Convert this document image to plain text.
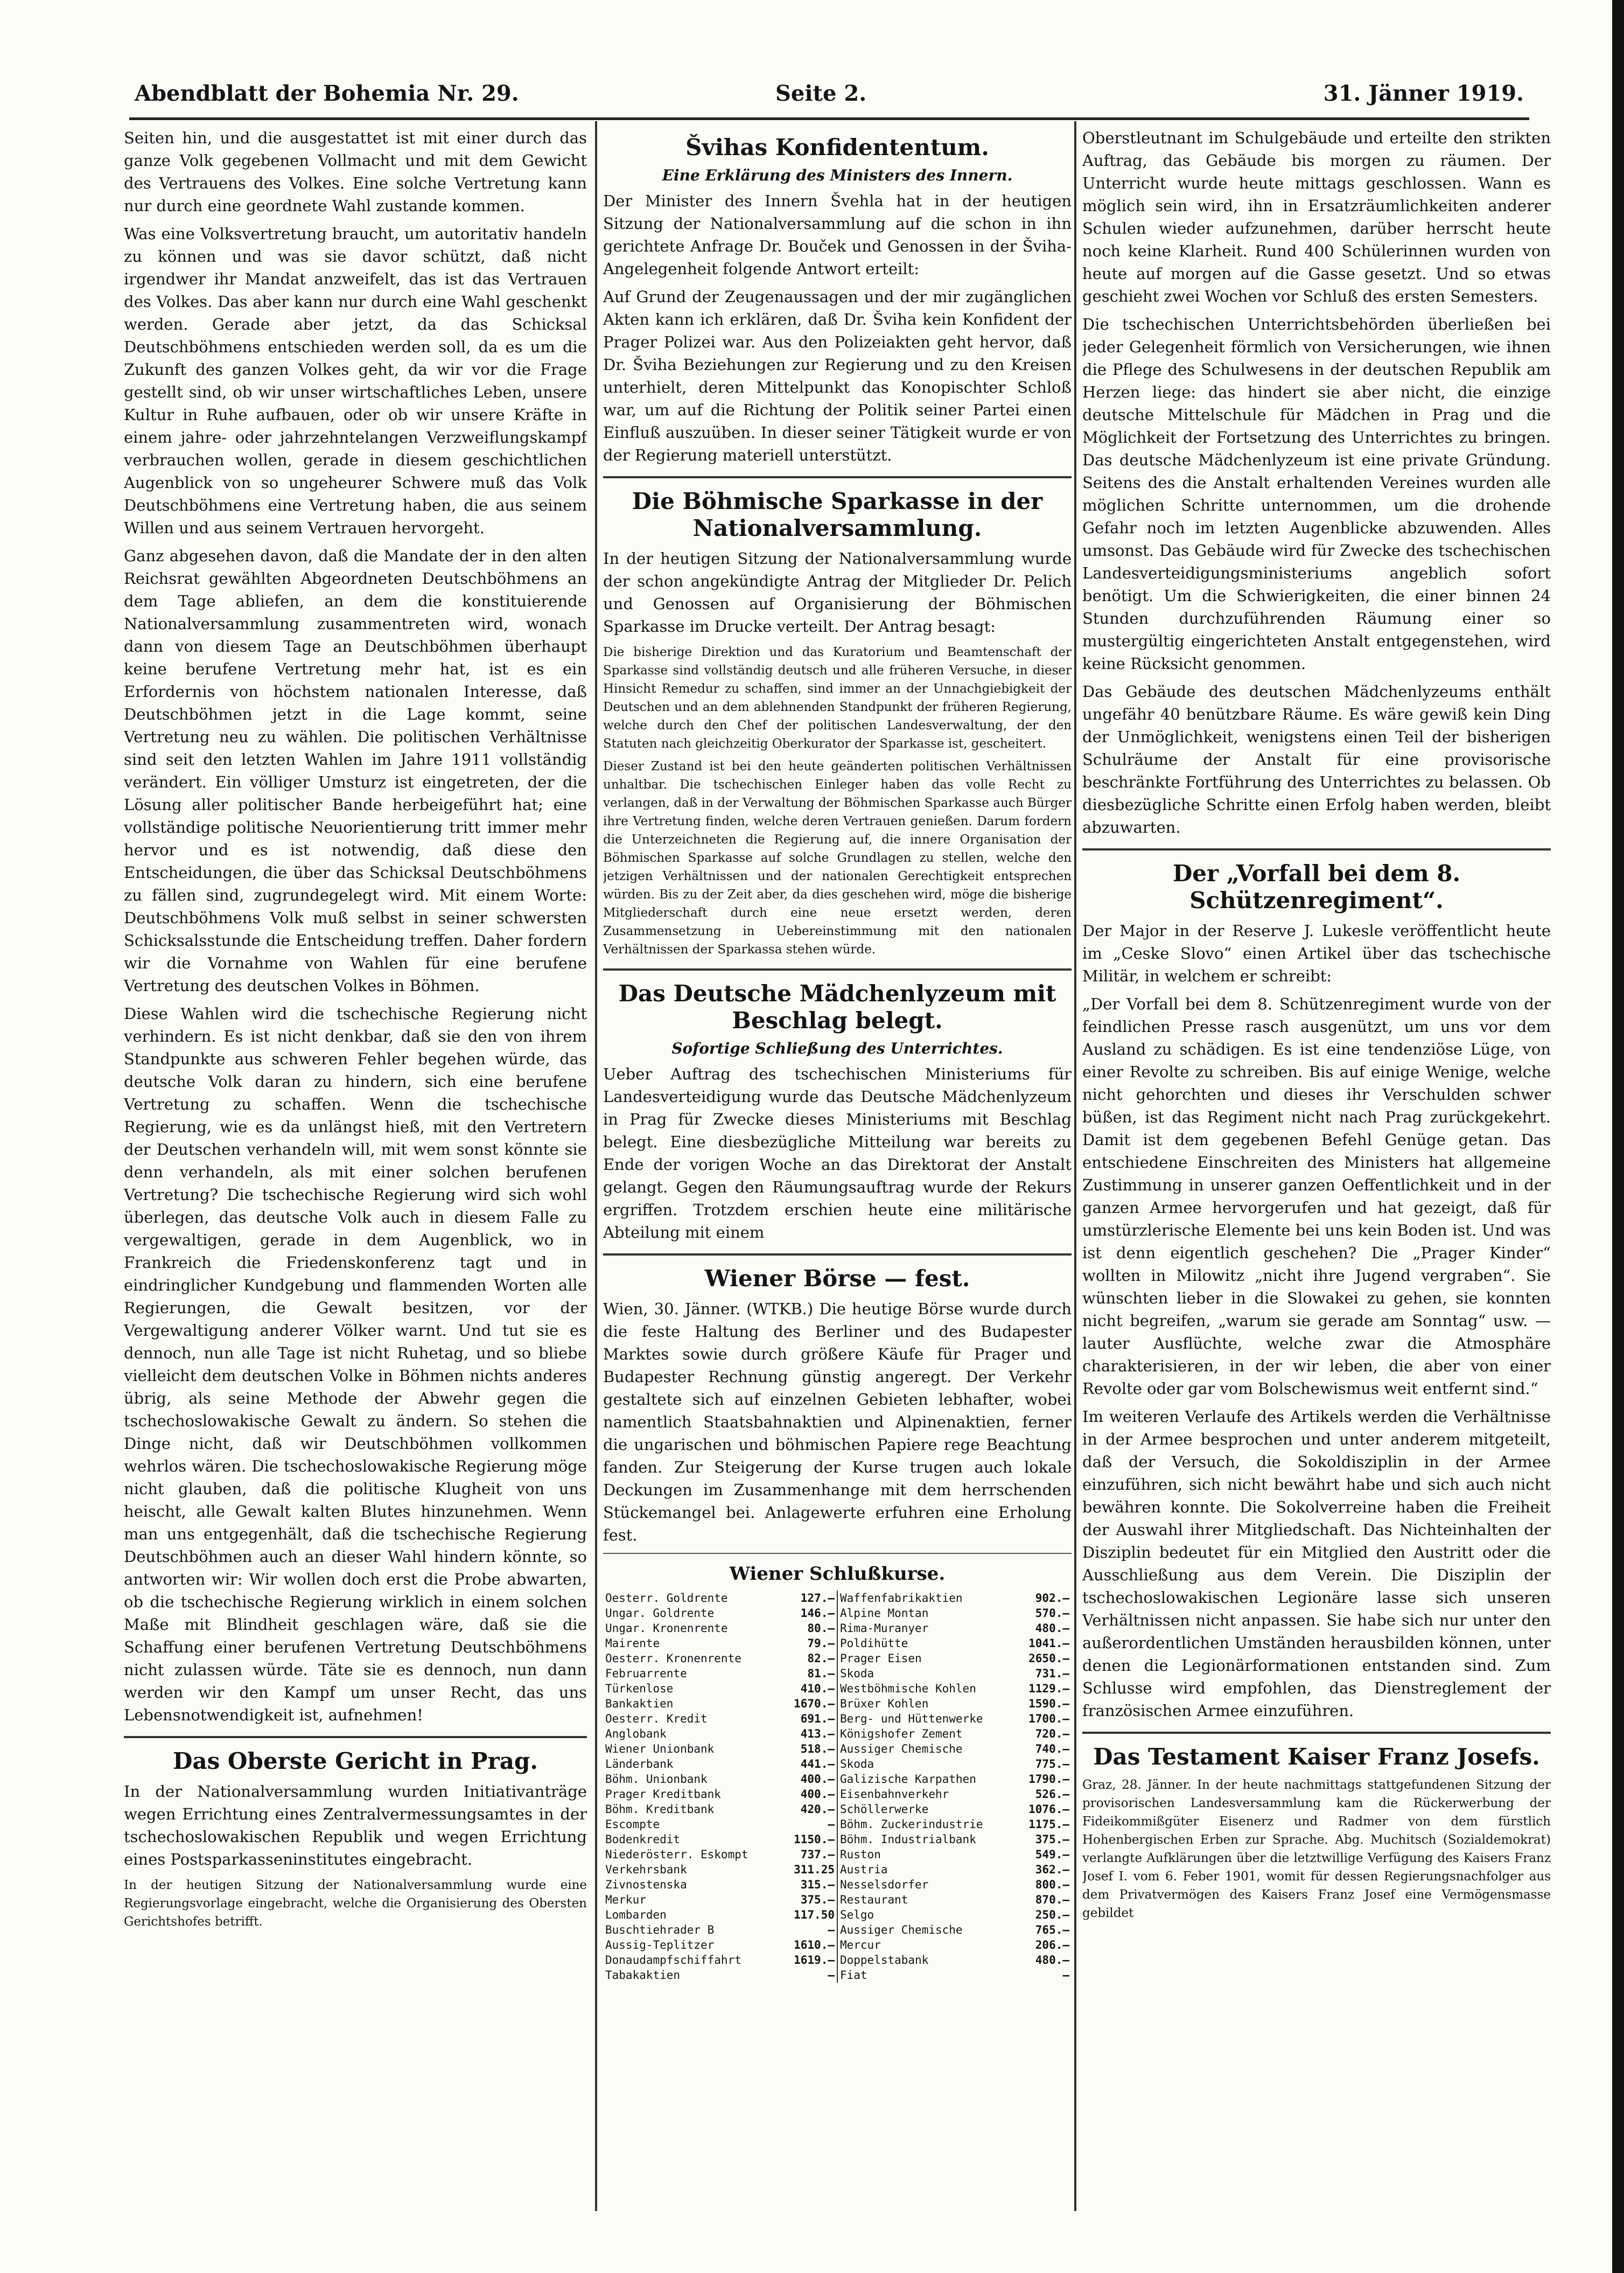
Abendblatt der Bohemia Nr. 29.	Seite 2.	31. Jänner 1919.

Seiten hin, und die ausgestattet ist mit einer durch das ganze Volk gegebenen Vollmacht und mit dem Gewicht des Vertrauens des Volkes. Eine solche Vertretung kann nur durch eine geordnete Wahl zustande kommen.

Was eine Volksvertretung braucht, um autoritativ handeln zu können und was sie davor schützt, daß nicht irgendwer ihr Mandat anzweifelt, das ist das Vertrauen des Volkes. Das aber kann nur durch eine Wahl geschenkt werden. Gerade aber jetzt, da das Schicksal Deutschböhmens entschieden werden soll, da es um die Zukunft des ganzen Volkes geht, da wir vor die Frage gestellt sind, ob wir unser wirtschaftliches Leben, unsere Kultur in Ruhe aufbauen, oder ob wir unsere Kräfte in einem jahre- oder jahrzehntelangen Verzweiflungskampf verbrauchen wollen, gerade in diesem geschichtlichen Augenblick von so ungeheurer Schwere muß das Volk Deutschböhmens eine Vertretung haben, die aus seinem Willen und aus seinem Vertrauen hervorgeht.

Ganz abgesehen davon, daß die Mandate der in den alten Reichsrat gewählten Abgeordneten Deutschböhmens an dem Tage abliefen, an dem die konstituierende Nationalversammlung zusammentreten wird, wonach dann von diesem Tage an Deutschböhmen überhaupt keine berufene Vertretung mehr hat, ist es ein Erfordernis von höchstem nationalen Interesse, daß Deutschböhmen jetzt in die Lage kommt, seine Vertretung neu zu wählen. Die politischen Verhältnisse sind seit den letzten Wahlen im Jahre 1911 vollständig verändert. Ein völliger Umsturz ist eingetreten, der die Lösung aller politischer Bande herbeigeführt hat; eine vollständige politische Neuorientierung tritt immer mehr hervor und es ist notwendig, daß diese den Entscheidungen, die über das Schicksal Deutschböhmens zu fällen sind, zugrundegelegt wird. Mit einem Worte: Deutschböhmens Volk muß selbst in seiner schwersten Schicksalsstunde die Entscheidung treffen. Daher fordern wir die Vornahme von Wahlen für eine berufene Vertretung des deutschen Volkes in Böhmen.

Diese Wahlen wird die tschechische Regierung nicht verhindern. Es ist nicht denkbar, daß sie den von ihrem Standpunkte aus schweren Fehler begehen würde, das deutsche Volk daran zu hindern, sich eine berufene Vertretung zu schaffen. Wenn die tschechische Regierung, wie es da unlängst hieß, mit den Vertretern der Deutschen verhandeln will, mit wem sonst könnte sie denn verhandeln, als mit einer solchen berufenen Vertretung? Die tschechische Regierung wird sich wohl überlegen, das deutsche Volk auch in diesem Falle zu vergewaltigen, gerade in dem Augenblick, wo in Frankreich die Friedenskonferenz tagt und in eindringlicher Kundgebung und flammenden Worten alle Regierungen, die Gewalt besitzen, vor der Vergewaltigung anderer Völker warnt. Und tut sie es dennoch, nun alle Tage ist nicht Ruhetag, und so bliebe vielleicht dem deutschen Volke in Böhmen nichts anderes übrig, als seine Methode der Abwehr gegen die tschechoslowakische Gewalt zu ändern. So stehen die Dinge nicht, daß wir Deutschböhmen vollkommen wehrlos wären. Die tschechoslowakische Regierung möge nicht glauben, daß die politische Klugheit von uns heischt, alle Gewalt kalten Blutes hinzunehmen. Wenn man uns entgegenhält, daß die tschechische Regierung Deutschböhmen auch an dieser Wahl hindern könnte, so antworten wir: Wir wollen doch erst die Probe abwarten, ob die tschechische Regierung wirklich in einem solchen Maße mit Blindheit geschlagen wäre, daß sie die Schaffung einer berufenen Vertretung Deutschböhmens nicht zulassen würde. Täte sie es dennoch, nun dann werden wir den Kampf um unser Recht, das uns Lebensnotwendigkeit ist, aufnehmen!

Das Oberste Gericht in Prag.

In der Nationalversammlung wurden Initiativanträge wegen Errichtung eines Zentralvermessungsamtes in der tschechoslowakischen Republik und wegen Errichtung eines Postsparkasseninstitutes eingebracht.

In der heutigen Sitzung der Nationalversammlung wurde eine Regierungsvorlage eingebracht, welche die Organisierung des Obersten Gerichtshofes betrifft.

Švihas Konfidententum.

Eine Erklärung des Ministers des Innern.

Der Minister des Innern Švehla hat in der heutigen Sitzung der Nationalversammlung auf die schon in ihn gerichtete Anfrage Dr. Bouček und Genossen in der Šviha-Angelegenheit folgende Antwort erteilt:

Auf Grund der Zeugenaussagen und der mir zugänglichen Akten kann ich erklären, daß Dr. Šviha kein Konfident der Prager Polizei war. Aus den Polizeiakten geht hervor, daß Dr. Šviha Beziehungen zur Regierung und zu den Kreisen unterhielt, deren Mittelpunkt das Konopischter Schloß war, um auf die Richtung der Politik seiner Partei einen Einfluß auszuüben. In dieser seiner Tätigkeit wurde er von der Regierung materiell unterstützt.

Die Böhmische Sparkasse in der Nationalversammlung.

In der heutigen Sitzung der Nationalversammlung wurde der schon angekündigte Antrag der Mitglieder Dr. Pelich und Genossen auf Organisierung der Böhmischen Sparkasse im Drucke verteilt. Der Antrag besagt:

Die bisherige Direktion und das Kuratorium und Beamtenschaft der Sparkasse sind vollständig deutsch und alle früheren Versuche, in dieser Hinsicht Remedur zu schaffen, sind immer an der Unnachgiebigkeit der Deutschen und an dem ablehnenden Standpunkt der früheren Regierung, welche durch den Chef der politischen Landesverwaltung, der den Statuten nach gleichzeitig Oberkurator der Sparkasse ist, gescheitert.

Dieser Zustand ist bei den heute geänderten politischen Verhältnissen unhaltbar. Die tschechischen Einleger haben das volle Recht zu verlangen, daß in der Verwaltung der Böhmischen Sparkasse auch Bürger ihre Vertretung finden, welche deren Vertrauen genießen. Darum fordern die Unterzeichneten die Regierung auf, die innere Organisation der Böhmischen Sparkasse auf solche Grundlagen zu stellen, welche den jetzigen Verhältnissen und der nationalen Gerechtigkeit entsprechen würden. Bis zu der Zeit aber, da dies geschehen wird, möge die bisherige Mitgliederschaft durch eine neue ersetzt werden, deren Zusammensetzung in Uebereinstimmung mit den nationalen Verhältnissen der Sparkassa stehen würde.

Das Deutsche Mädchenlyzeum mit Beschlag belegt.

Sofortige Schließung des Unterrichtes.

Ueber Auftrag des tschechischen Ministeriums für Landesverteidigung wurde das Deutsche Mädchenlyzeum in Prag für Zwecke dieses Ministeriums mit Beschlag belegt. Eine diesbezügliche Mitteilung war bereits zu Ende der vorigen Woche an das Direktorat der Anstalt gelangt. Gegen den Räumungsauftrag wurde der Rekurs ergriffen. Trotzdem erschien heute eine militärische Abteilung mit einem

Wiener Börse — fest.

Wien, 30. Jänner. (WTKB.) Die heutige Börse wurde durch die feste Haltung des Berliner und des Budapester Marktes sowie durch größere Käufe für Prager und Budapester Rechnung günstig angeregt. Der Verkehr gestaltete sich auf einzelnen Gebieten lebhafter, wobei namentlich Staatsbahnaktien und Alpinenaktien, ferner die ungarischen und böhmischen Papiere rege Beachtung fanden. Zur Steigerung der Kurse trugen auch lokale Deckungen im Zusammenhange mit dem herrschenden Stückemangel bei. Anlagewerte erfuhren eine Erholung fest.

Wiener Schlußkurse.
Oesterr. Goldrente	127.—	Waffenfabrikaktien	902.—
Ungar. Goldrente	146.—	Alpine Montan	570.—
Ungar. Kronenrente	80.—	Rima-Muranyer	480.—
Mairente	79.—	Poldihütte	1041.—
Oesterr. Kronenrente	82.—	Prager Eisen	2650.—
Februarrente	81.—	Skoda	731.—
Türkenlose	410.—	Westböhmische Kohlen	1129.—
Bankaktien	1670.—	Brüxer Kohlen	1590.—
Oesterr. Kredit	691.—	Berg- und Hüttenwerke	1700.—
Anglobank	413.—	Königshofer Zement	720.—
Wiener Unionbank	518.—	Aussiger Chemische	740.—
Länderbank	441.—	Skoda	775.—
Böhm. Unionbank	400.—	Galizische Karpathen	1790.—
Prager Kreditbank	400.—	Eisenbahnverkehr	526.—
Böhm. Kreditbank	420.—	Schöllerwerke	1076.—
Escompte	—	Böhm. Zuckerindustrie	1175.—
Bodenkredit	1150.—	Böhm. Industrialbank	375.—
Niederösterr. Eskompt	737.—	Ruston	549.—
Verkehrsbank	311.25	Austria	362.—
Zivnostenska	315.—	Nesselsdorfer	800.—
Merkur	375.—	Restaurant	870.—
Lombarden	117.50	Selgo	250.—
Buschtiehrader B	—	Aussiger Chemische	765.—
Aussig-Teplitzer	1610.—	Mercur	206.—
Donaudampfschiffahrt	1619.—	Doppelstabank	480.—
Tabakaktien	—	Fiat	—

Oberstleutnant im Schulgebäude und erteilte den strikten Auftrag, das Gebäude bis morgen zu räumen. Der Unterricht wurde heute mittags geschlossen. Wann es möglich sein wird, ihn in Ersatzräumlichkeiten anderer Schulen wieder aufzunehmen, darüber herrscht heute noch keine Klarheit. Rund 400 Schülerinnen wurden von heute auf morgen auf die Gasse gesetzt. Und so etwas geschieht zwei Wochen vor Schluß des ersten Semesters.

Die tschechischen Unterrichtsbehörden überließen bei jeder Gelegenheit förmlich von Versicherungen, wie ihnen die Pflege des Schulwesens in der deutschen Republik am Herzen liege: das hindert sie aber nicht, die einzige deutsche Mittelschule für Mädchen in Prag und die Möglichkeit der Fortsetzung des Unterrichtes zu bringen. Das deutsche Mädchenlyzeum ist eine private Gründung. Seitens des die Anstalt erhaltenden Vereines wurden alle möglichen Schritte unternommen, um die drohende Gefahr noch im letzten Augenblicke abzuwenden. Alles umsonst. Das Gebäude wird für Zwecke des tschechischen Landesverteidigungsministeriums angeblich sofort benötigt. Um die Schwierigkeiten, die einer binnen 24 Stunden durchzuführenden Räumung einer so mustergültig eingerichteten Anstalt entgegenstehen, wird keine Rücksicht genommen.

Das Gebäude des deutschen Mädchenlyzeums enthält ungefähr 40 benützbare Räume. Es wäre gewiß kein Ding der Unmöglichkeit, wenigstens einen Teil der bisherigen Schulräume der Anstalt für eine provisorische beschränkte Fortführung des Unterrichtes zu belassen. Ob diesbezügliche Schritte einen Erfolg haben werden, bleibt abzuwarten.

Der „Vorfall bei dem 8. Schützenregiment“.

Der Major in der Reserve J. Lukesle veröffentlicht heute im „Ceske Slovo“ einen Artikel über das tschechische Militär, in welchem er schreibt:

„Der Vorfall bei dem 8. Schützenregiment wurde von der feindlichen Presse rasch ausgenützt, um uns vor dem Ausland zu schädigen. Es ist eine tendenziöse Lüge, von einer Revolte zu schreiben. Bis auf einige Wenige, welche nicht gehorchten und dieses ihr Verschulden schwer büßen, ist das Regiment nicht nach Prag zurückgekehrt. Damit ist dem gegebenen Befehl Genüge getan. Das entschiedene Einschreiten des Ministers hat allgemeine Zustimmung in unserer ganzen Oeffentlichkeit und in der ganzen Armee hervorgerufen und hat gezeigt, daß für umstürzlerische Elemente bei uns kein Boden ist. Und was ist denn eigentlich geschehen? Die „Prager Kinder“ wollten in Milowitz „nicht ihre Jugend vergraben“. Sie wünschten lieber in die Slowakei zu gehen, sie konnten nicht begreifen, „warum sie gerade am Sonntag“ usw. — lauter Ausflüchte, welche zwar die Atmosphäre charakterisieren, in der wir leben, die aber von einer Revolte oder gar vom Bolschewismus weit entfernt sind.“

Im weiteren Verlaufe des Artikels werden die Verhältnisse in der Armee besprochen und unter anderem mitgeteilt, daß der Versuch, die Sokoldisziplin in der Armee einzuführen, sich nicht bewährt habe und sich auch nicht bewähren konnte. Die Sokolverreine haben die Freiheit der Auswahl ihrer Mitgliedschaft. Das Nichteinhalten der Disziplin bedeutet für ein Mitglied den Austritt oder die Ausschließung aus dem Verein. Die Disziplin der tschechoslowakischen Legionäre lasse sich unseren Verhältnissen nicht anpassen. Sie habe sich nur unter den außerordentlichen Umständen herausbilden können, unter denen die Legionärformationen entstanden sind. Zum Schlusse wird empfohlen, das Dienstreglement der französischen Armee einzuführen.

Das Testament Kaiser Franz Josefs.

Graz, 28. Jänner. In der heute nachmittags stattgefundenen Sitzung der provisorischen Landesversammlung kam die Rückerwerbung der Fideikommißgüter Eisenerz und Radmer von dem fürstlich Hohenbergischen Erben zur Sprache. Abg. Muchitsch (Sozialdemokrat) verlangte Aufklärungen über die letztwillige Verfügung des Kaisers Franz Josef I. vom 6. Feber 1901, womit für dessen Regierungsnachfolger aus dem Privatvermögen des Kaisers Franz Josef eine Vermögensmasse gebildet
